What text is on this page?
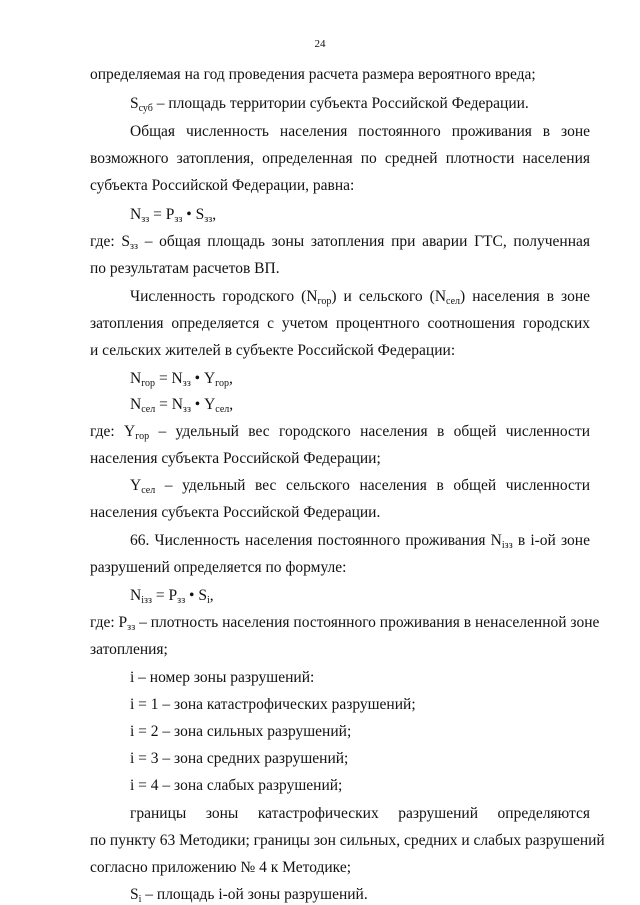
24
определяемая на год проведения расчета размера вероятного вреда;
$S_{суб}$ – площадь территории субъекта Российской Федерации.
Общая численность населения постоянного проживания в зоне
возможного затопления, определенная по средней плотности населения
субъекта Российской Федерации, равна:
$N_{зз} = P_{зз}$ • $S_{зз}$,
где: $S_{зз}$ – общая площадь зоны затопления при аварии ГТС, полученная
по результатам расчетов ВП.
Численность городского $(N_{гор})$ и сельского $(N_{сел})$ населения в зоне
затопления определяется с учетом процентного соотношения городских
и сельских жителей в субъекте Российской Федерации:
$N_{гор} = N_{зз}$ • $Y_{гор}$,
$N_{сел} = N_{зз}$ • $Y_{сел}$,
где: $Y_{гор}$ – удельный вес городского населения в общей численности
населения субъекта Российской Федерации;
$Y_{сел}$ – удельный вес сельского населения в общей численности
населения субъекта Российской Федерации.
66. Численность населения постоянного проживания $N_{iзз}$ в i-ой зоне
разрушений определяется по формуле:
$N_{iзз} = P_{зз}$ • $S_i$,
где: $P_{зз}$ – плотность населения постоянного проживания в ненаселенной зоне
затопления;
i – номер зоны разрушений:
i = 1 – зона катастрофических разрушений;
i = 2 – зона сильных разрушений;
i = 3 – зона средних разрушений;
i = 4 – зона слабых разрушений;
границы зоны катастрофических разрушений определяются
по пункту 63 Методики; границы зон сильных, средних и слабых разрушений
согласно приложению № 4 к Методике;
$S_i$ – площадь i-ой зоны разрушений.
